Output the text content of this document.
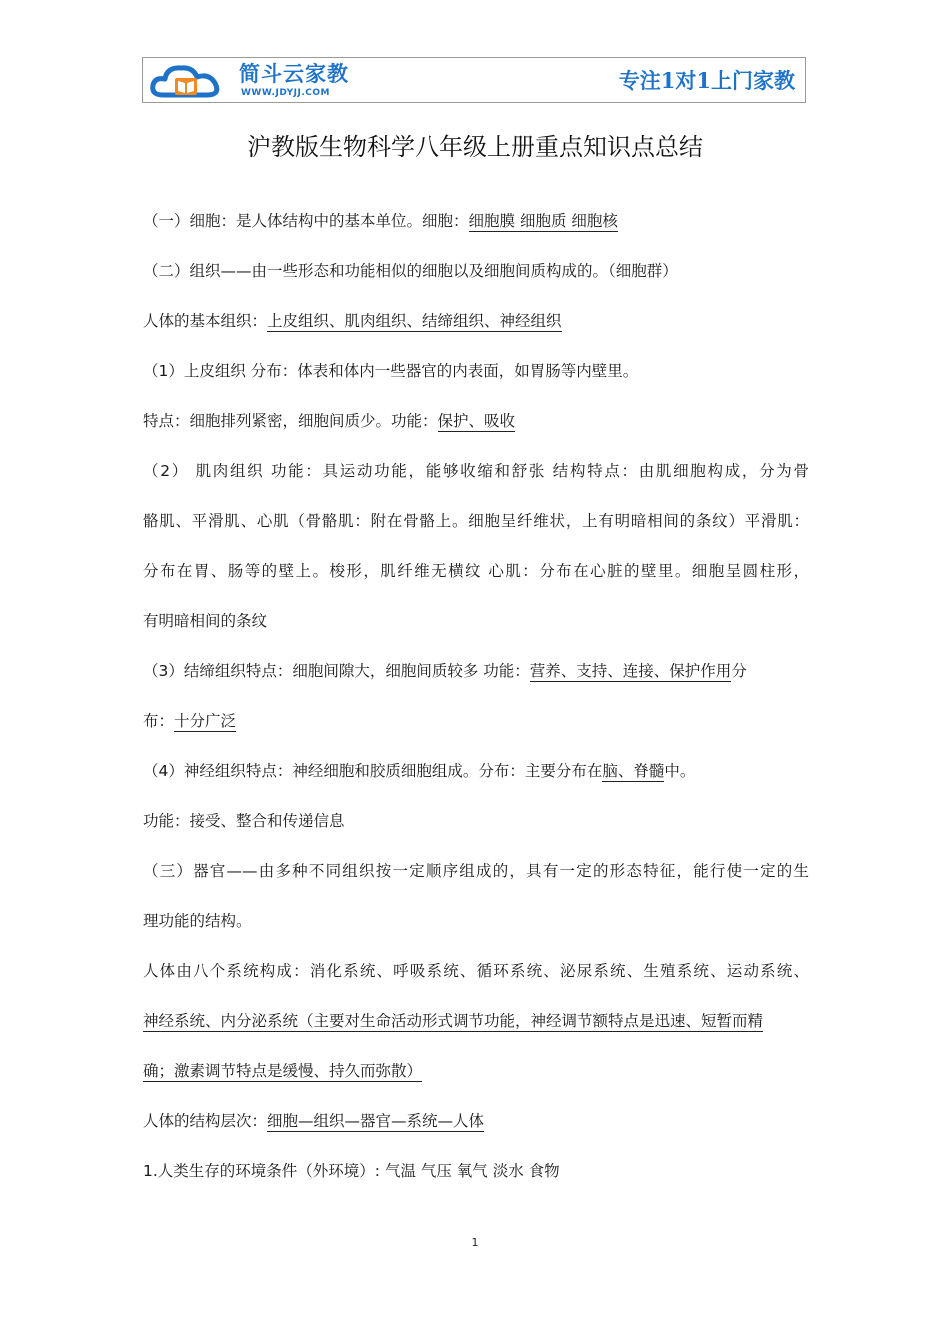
简斗云家教
WWW.JDYJJ.COM	专注1对1上门家教
沪教版生物科学八年级上册重点知识点总结
（一）细胞：是人体结构中的基本单位。细胞：细胞膜 细胞质 细胞核
（二）组织——由一些形态和功能相似的细胞以及细胞间质构成的。（细胞群）
人体的基本组织：上皮组织、肌肉组织、结缔组织、神经组织
（1）上皮组织 分布：体表和体内一些器官的内表面，如胃肠等内壁里。
特点：细胞排列紧密，细胞间质少。功能：保护、吸收
（2） 肌肉组织 功能：具运动功能，能够收缩和舒张 结构特点：由肌细胞构成，分为骨
骼肌、平滑肌、心肌（骨骼肌：附在骨骼上。细胞呈纤维状，上有明暗相间的条纹）平滑肌：
分布在胃、肠等的壁上。梭形，肌纤维无横纹 心肌：分布在心脏的壁里。细胞呈圆柱形，
有明暗相间的条纹
（3）结缔组织特点：细胞间隙大，细胞间质较多 功能：营养、支持、连接、保护作用分
布：十分广泛
（4）神经组织特点：神经细胞和胶质细胞组成。分布：主要分布在脑、脊髓中。
功能：接受、整合和传递信息
（三）器官——由多种不同组织按一定顺序组成的，具有一定的形态特征，能行使一定的生
理功能的结构。
人体由八个系统构成：消化系统、呼吸系统、循环系统、泌尿系统、生殖系统、运动系统、
神经系统、内分泌系统（主要对生命活动形式调节功能，神经调节额特点是迅速、短暂而精
确；激素调节特点是缓慢、持久而弥散）
人体的结构层次：细胞—组织—器官—系统—人体
1.人类生存的环境条件（外环境）: 气温 气压 氧气 淡水 食物
1
